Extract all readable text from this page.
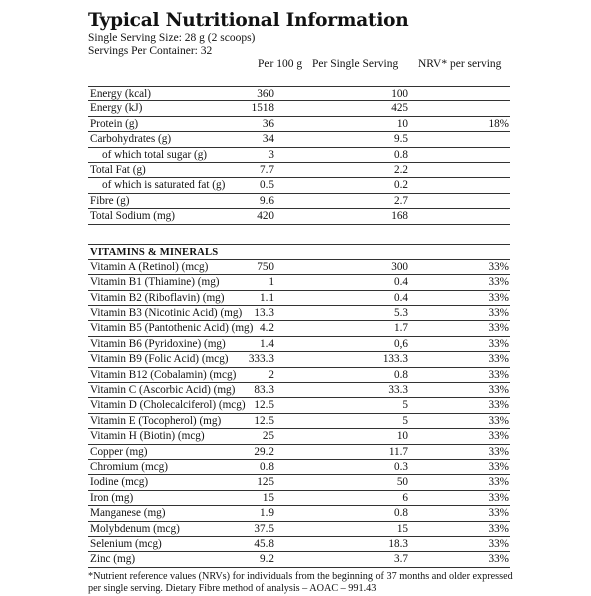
Typical Nutritional Information
Single Serving Size: 28 g (2 scoops)
Servings Per Container: 32
Per 100 g Per Single Serving NRV* per serving
Energy (kcal)	360	100
Energy (kJ)	1518	425
Protein (g)	36	10	18%
Carbohydrates (g)	34	9.5
of which total sugar (g)	3	0.8
Total Fat (g)	7.7	2.2
of which is saturated fat (g)	0.5	0.2
Fibre (g)	9.6	2.7
Total Sodium (mg)	420	168
VITAMINS & MINERALS
Vitamin A (Retinol) (mcg)	750	300	33%
Vitamin B1 (Thiamine) (mg)	1	0.4	33%
Vitamin B2 (Riboflavin) (mg)	1.1	0.4	33%
Vitamin B3 (Nicotinic Acid) (mg) 13.3	5.3	33%
Vitamin B5 (Pantothenic Acid) (mg) 4.2	1.7	33%
Vitamin B6 (Pyridoxine) (mg)	1.4	0,6	33%
Vitamin B9 (Folic Acid) (mcg) 333.3	133.3	33%
Vitamin B12 (Cobalamin) (mcg)	2	0.8	33%
Vitamin C (Ascorbic Acid) (mg) 83.3	33.3	33%
Vitamin D (Cholecalciferol) (mcg) 12.5	5	33%
Vitamin E (Tocopherol) (mg)	12.5	5	33%
Vitamin H (Biotin) (mcg)	25	10	33%
Copper (mg)	29.2	11.7	33%
Chromium (mcg)	0.8	0.3	33%
Iodine (mcg)	125	50	33%
Iron (mg)	15	6	33%
Manganese (mg)	1.9	0.8	33%
Molybdenum (mcg)	37.5	15	33%
Selenium (mcg)	45.8	18.3	33%
Zinc (mg)	9.2	3.7	33%
*Nutrient reference values (NRVs) for individuals from the beginning of 37 months and older expressed per single serving. Dietary Fibre method of analysis – AOAC – 991.43
